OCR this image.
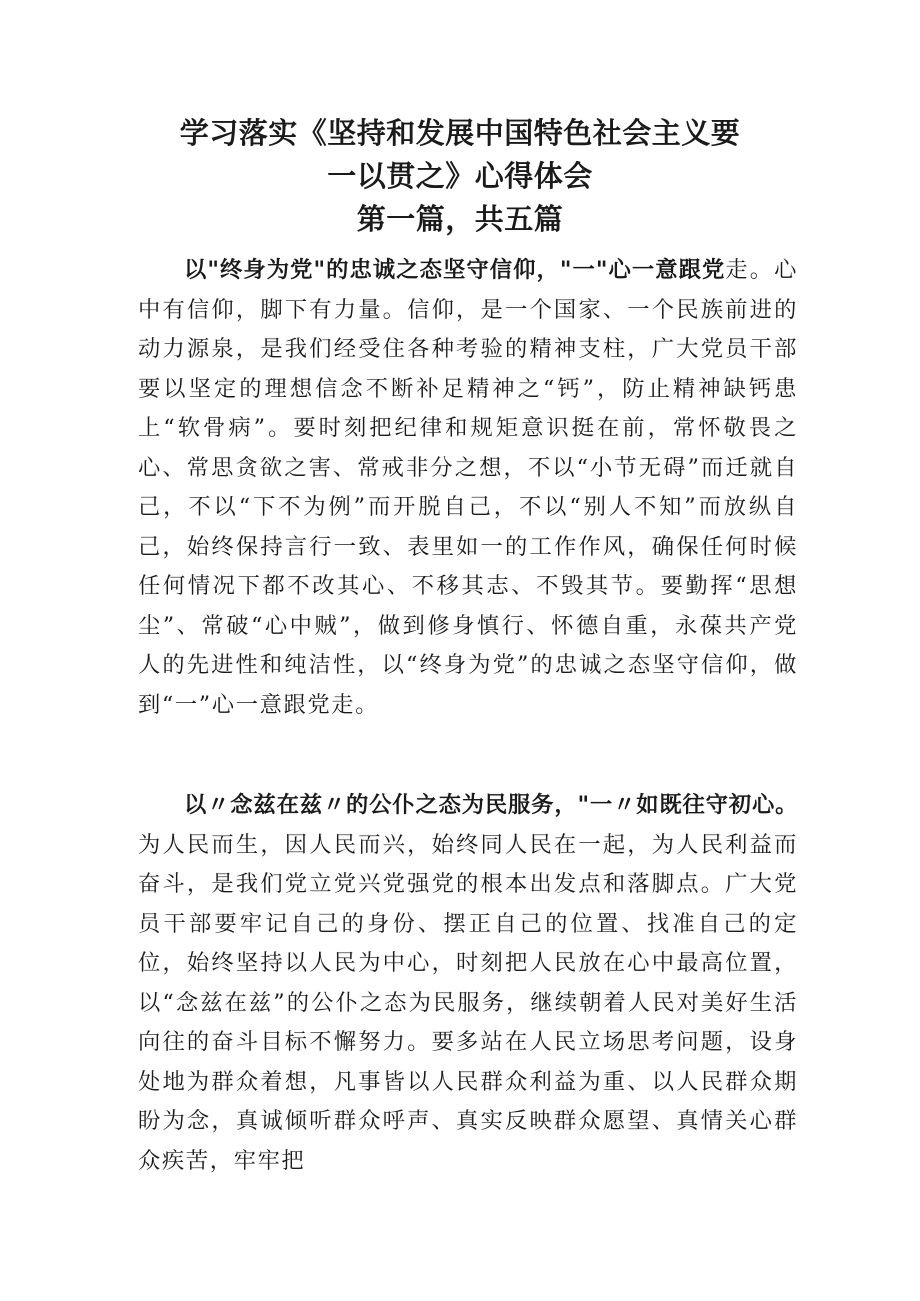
学习落实《坚持和发展中国特色社会主义要
一以贯之》心得体会
第一篇，共五篇

以"终身为党"的忠诚之态坚守信仰，"一"心一意跟党走。心中有信仰，脚下有力量。信仰，是一个国家、一个民族前进的动力源泉，是我们经受住各种考验的精神支柱，广大党员干部要以坚定的理想信念不断补足精神之“钙”，防止精神缺钙患上“软骨病”。要时刻把纪律和规矩意识挺在前，常怀敬畏之心、常思贪欲之害、常戒非分之想，不以“小节无碍”而迁就自己，不以“下不为例”而开脱自己，不以“别人不知”而放纵自己，始终保持言行一致、表里如一的工作作风，确保任何时候任何情况下都不改其心、不移其志、不毁其节。要勤挥“思想尘”、常破“心中贼”，做到修身慎行、怀德自重，永葆共产党人的先进性和纯洁性，以“终身为党”的忠诚之态坚守信仰，做到“一”心一意跟党走。

以〃念兹在兹〃的公仆之态为民服务，"一〃如既往守初心。为人民而生，因人民而兴，始终同人民在一起，为人民利益而奋斗，是我们党立党兴党强党的根本出发点和落脚点。广大党员干部要牢记自己的身份、摆正自己的位置、找准自己的定位，始终坚持以人民为中心，时刻把人民放在心中最高位置，以“念兹在兹”的公仆之态为民服务，继续朝着人民对美好生活向往的奋斗目标不懈努力。要多站在人民立场思考问题，设身处地为群众着想，凡事皆以人民群众利益为重、以人民群众期盼为念，真诚倾听群众呼声、真实反映群众愿望、真情关心群众疾苦，牢牢把
